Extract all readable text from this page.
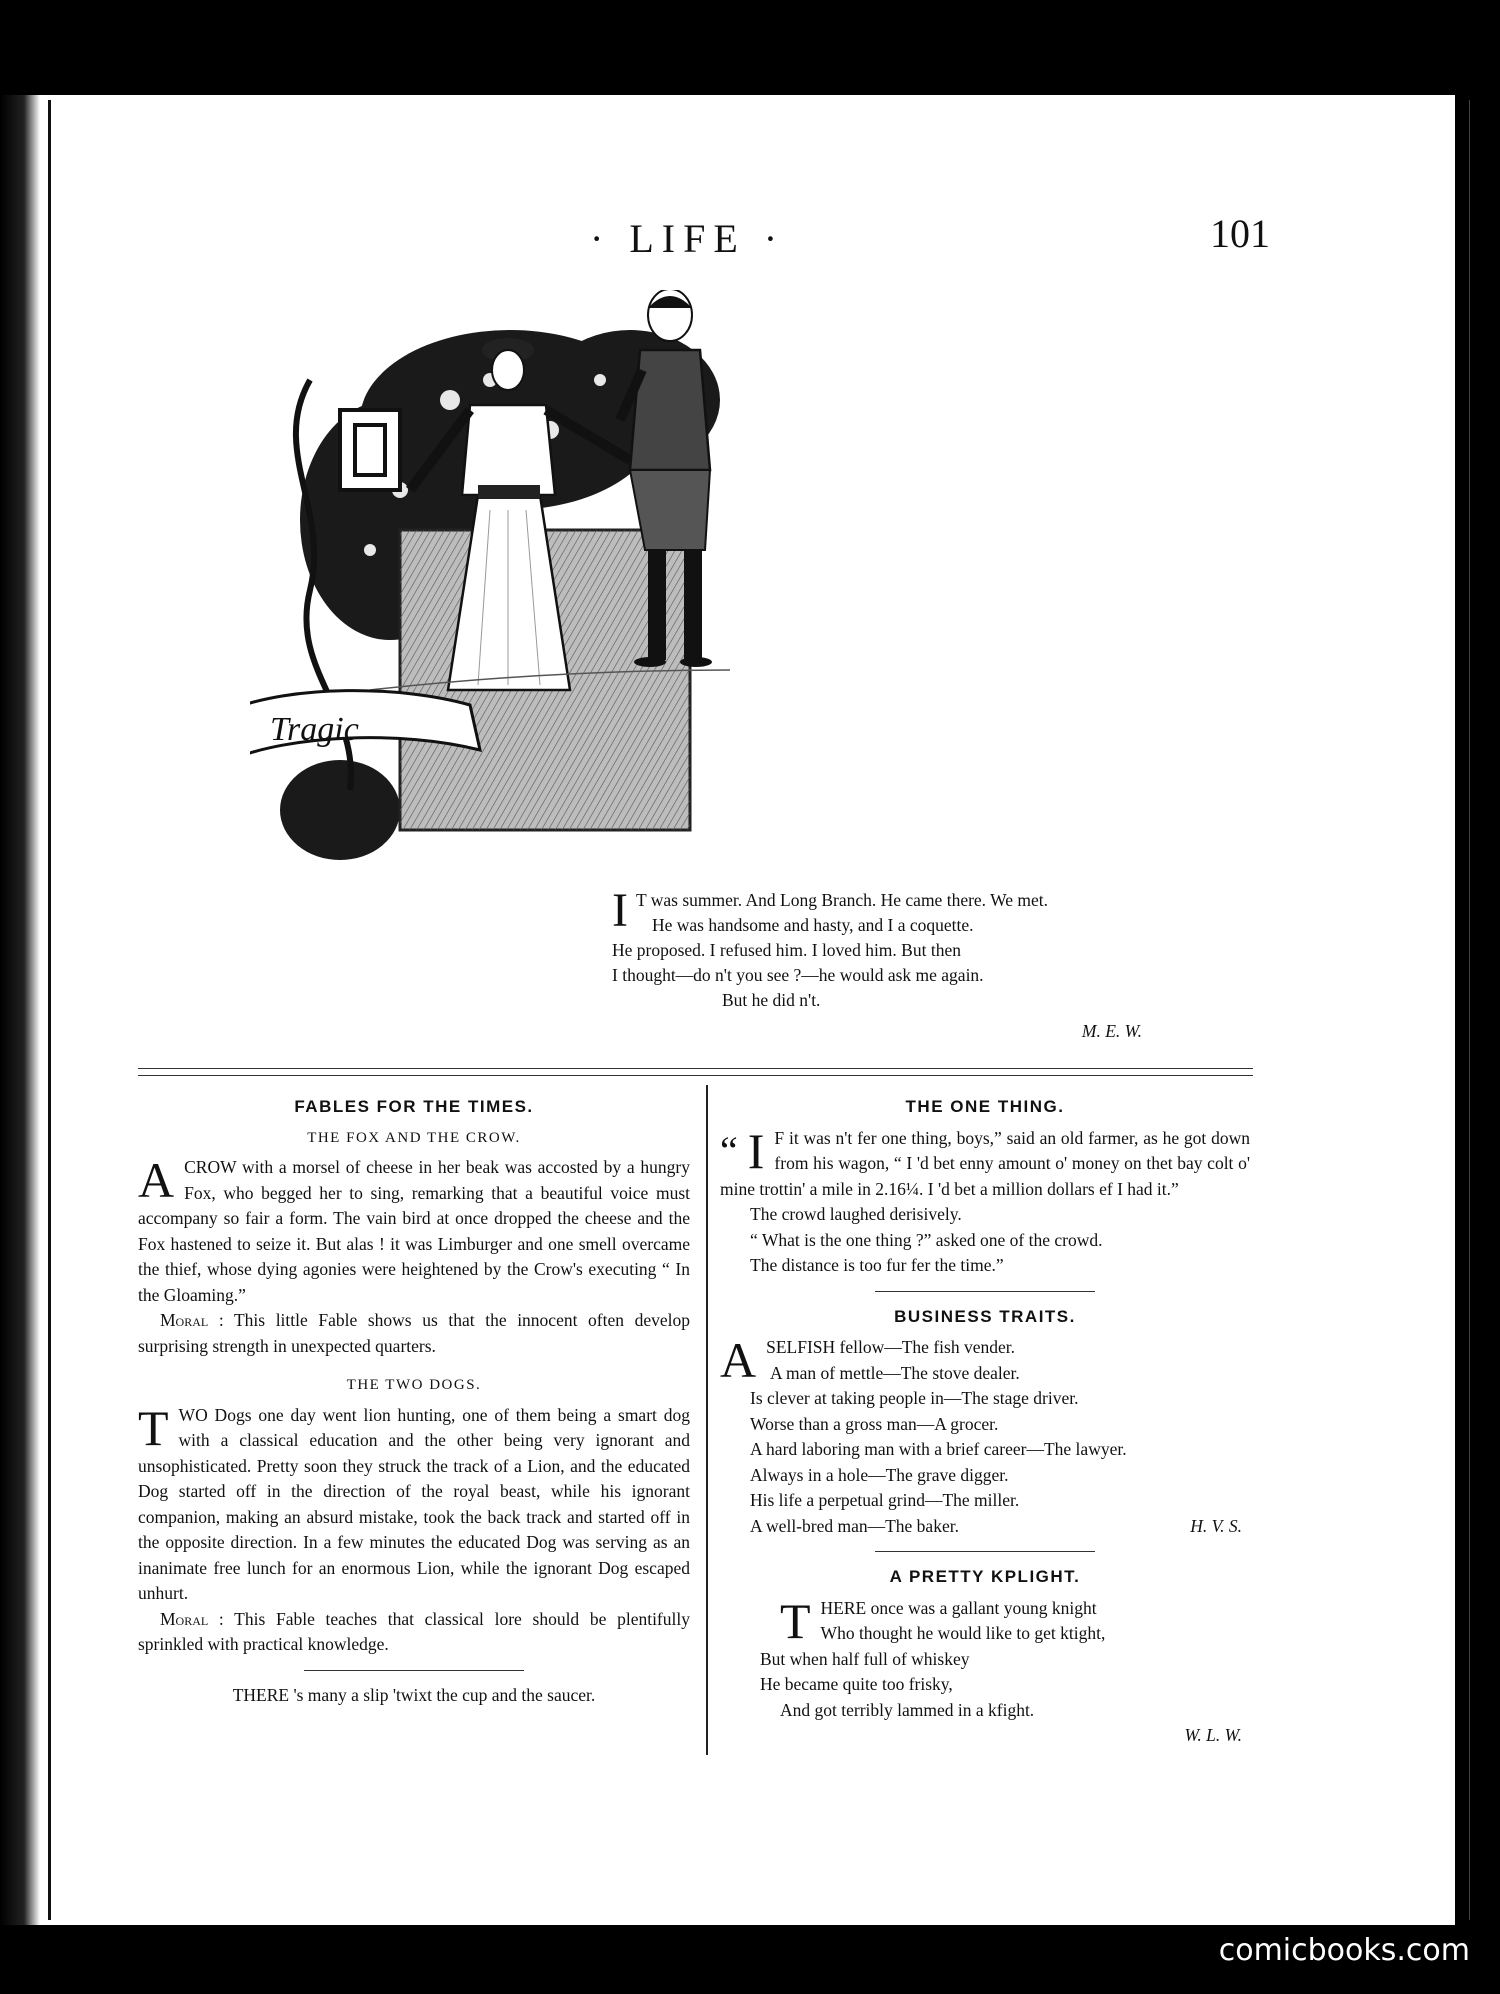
· LIFE ·	101
Tragic
I T was summer. And Long Branch. He came there. We met.

He was handsome and hasty, and I a coquette.

He proposed. I refused him. I loved him. But then

I thought—do n't you see ?—he would ask me again.

But he did n't.

M. E. W.

FABLES FOR THE TIMES.
THE FOX AND THE CROW.

A CROW with a morsel of cheese in her beak was accosted by a hungry Fox, who begged her to sing, remarking that a beautiful voice must accompany so fair a form. The vain bird at once dropped the cheese and the Fox hastened to seize it. But alas ! it was Limburger and one smell overcame the thief, whose dying agonies were heightened by the Crow's executing “ In the Gloaming.”

Moral : This little Fable shows us that the innocent often develop surprising strength in unexpected quarters.

THE TWO DOGS.

TWO Dogs one day went lion hunting, one of them being a smart dog with a classical education and the other being very ignorant and unsophisticated. Pretty soon they struck the track of a Lion, and the educated Dog started off in the direction of the royal beast, while his ignorant companion, making an absurd mistake, took the back track and started off in the opposite direction. In a few minutes the educated Dog was serving as an inanimate free lunch for an enormous Lion, while the ignorant Dog escaped unhurt.

Moral : This Fable teaches that classical lore should be plentifully sprinkled with practical knowledge.

THERE 's many a slip 'twixt the cup and the saucer.

THE ONE THING.

“ I F it was n't fer one thing, boys,” said an old farmer, as he got down from his wagon, “ I 'd bet enny amount o' money on thet bay colt o' mine trottin' a mile in 2.16¼. I 'd bet a million dollars ef I had it.”

The crowd laughed derisively.
“ What is the one thing ?” asked one of the crowd.
The distance is too fur fer the time.”
BUSINESS TRAITS.

A SELFISH fellow—The fish vender.

A man of mettle—The stove dealer.
Is clever at taking people in—The stage driver.
Worse than a gross man—A grocer.
A hard laboring man with a brief career—The lawyer.
Always in a hole—The grave digger.
His life a perpetual grind—The miller.
A well-bred man—The baker.	H. V. S.
A PRETTY KPLIGHT.
THERE once was a gallant young knight
Who thought he would like to get ktight,
But when half full of whiskey
He became quite too frisky,
And got terribly lammed in a kfight.
W. L. W.
comicbooks.com
